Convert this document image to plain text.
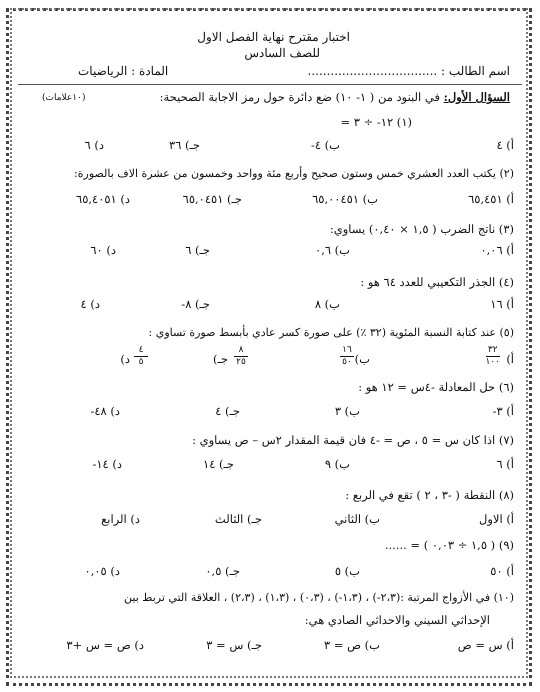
اختبار مقترح نهاية الفصل الاول
للصف السادس
اسم الطالب : ..................................
المادة : الرياضيات
السؤال الأول: في البنود من ( ١- ١٠) ضع دائرة حول رمز الاجابة الصحيحة:
(١٠علامات)
(١) ١٢- ÷ ٣ =
أ) ٤
ب) ٤-
جـ) ٣٦
د) ٦
(٢) يكتب العدد العشري خمس وستون صحيح وأربع مئة وواحد وخمسون من عشرة الاف بالصورة:
أ) ٦٥,٤٥١
ب) ٦٥,٠٠٤٥١
جـ) ٦٥,٠٤٥١
د) ٦٥,٤٠٥١
(٣) ناتج الضرب ( ١,٥ × ٠,٤٠) يساوي:
أ) ٠,٠٦
ب) ٠,٦
جـ) ٦
د) ٦٠
(٤) الجذر التكعيبي للعدد ٦٤ هو :
أ) ١٦
ب) ٨
جـ) ٨-
د) ٤
(٥) عند كتابة النسبة المئوية (٣٢ ٪) على صورة كسر عادي بأبسط صورة تساوي :
أ)
٣٢
١٠٠
ب)
١٦
٥٠
جـ)
٨
٢٥
د)
٤
٥
(٦) حل المعادلة -٤س = ١٢ هو :
أ) ٣-
ب) ٣
جـ) ٤
د) ٤٨-
(٧) اذا كان س = ٥ ، ص = -٤ فان قيمة المقدار ٢س – ص يساوي :
أ) ٦
ب) ٩
جـ) ١٤
د) ١٤-
(٨) النقطة ( -٣ ، ٢ ) تقع في الربع :
أ) الاول
ب) الثاني
جـ) الثالث
د) الرابع
(٩) ( ١,٥ ÷ ٠,٠٣ ) = ......
أ) ٥٠
ب) ٥
جـ) ٠,٥
د) ٠,٠٥
(١٠) في الأزواج المرتبة :(٢،٣-) ، (١،٣-) ، (٠،٣) ، (١،٣) ، (٢،٣) ، العلاقة التي تربط بين
الإحداثي السيني والاحداثي الصادي هي:
أ) س = ص
ب) ص = ٣
جـ) س = ٣
د) ص = س +٣
